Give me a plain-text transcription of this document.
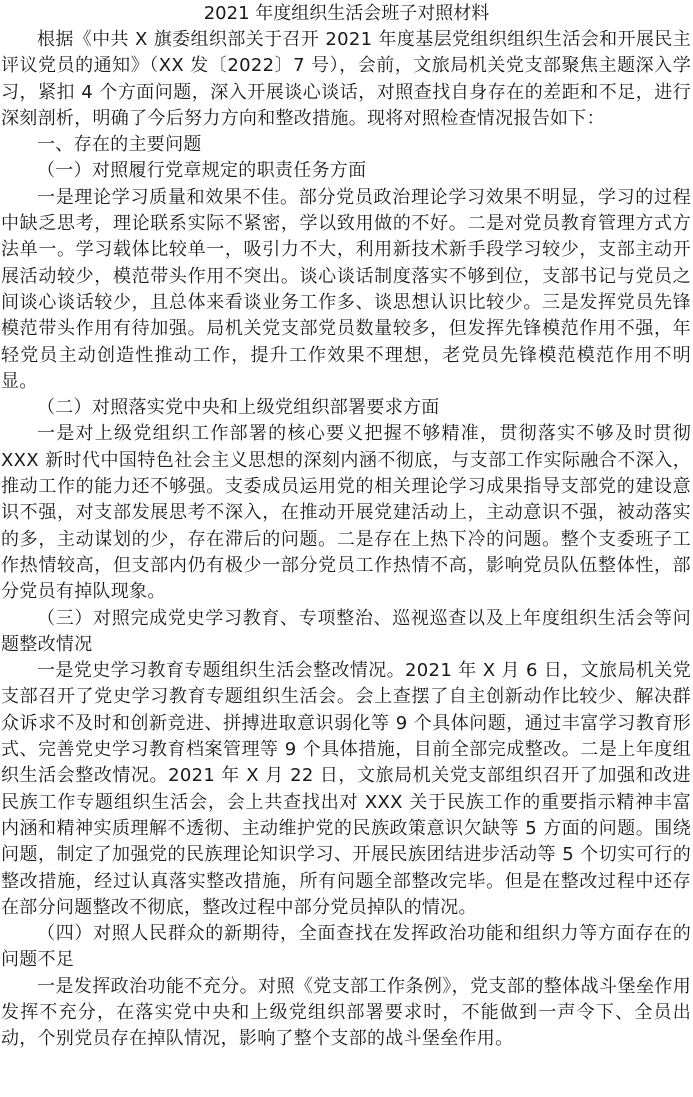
2021 年度组织生活会班子对照材料

根据《中共 X 旗委组织部关于召开 2021 年度基层党组织组织生活会和开展民主评议党员的通知》（XX 发〔2022〕7 号），会前，文旅局机关党支部聚焦主题深入学习，紧扣 4 个方面问题，深入开展谈心谈话，对照查找自身存在的差距和不足，进行深刻剖析，明确了今后努力方向和整改措施。现将对照检查情况报告如下：

一、存在的主要问题

（一）对照履行党章规定的职责任务方面

一是理论学习质量和效果不佳。部分党员政治理论学习效果不明显，学习的过程中缺乏思考，理论联系实际不紧密，学以致用做的不好。二是对党员教育管理方式方法单一。学习载体比较单一，吸引力不大，利用新技术新手段学习较少，支部主动开展活动较少，模范带头作用不突出。谈心谈话制度落实不够到位，支部书记与党员之间谈心谈话较少，且总体来看谈业务工作多、谈思想认识比较少。三是发挥党员先锋模范带头作用有待加强。局机关党支部党员数量较多，但发挥先锋模范作用不强，年轻党员主动创造性推动工作，提升工作效果不理想，老党员先锋模范模范作用不明显。

（二）对照落实党中央和上级党组织部署要求方面

一是对上级党组织工作部署的核心要义把握不够精准，贯彻落实不够及时贯彻 XXX 新时代中国特色社会主义思想的深刻内涵不彻底，与支部工作实际融合不深入，推动工作的能力还不够强。支委成员运用党的相关理论学习成果指导支部党的建设意识不强，对支部发展思考不深入，在推动开展党建活动上，主动意识不强，被动落实的多，主动谋划的少，存在滞后的问题。二是存在上热下冷的问题。整个支委班子工作热情较高，但支部内仍有极少一部分党员工作热情不高，影响党员队伍整体性，部分党员有掉队现象。

（三）对照完成党史学习教育、专项整治、巡视巡查以及上年度组织生活会等问题整改情况

一是党史学习教育专题组织生活会整改情况。2021 年 X 月 6 日，文旅局机关党支部召开了党史学习教育专题组织生活会。会上查摆了自主创新动作比较少、解决群众诉求不及时和创新竞进、拼搏进取意识弱化等 9 个具体问题，通过丰富学习教育形式、完善党史学习教育档案管理等 9 个具体措施，目前全部完成整改。二是上年度组织生活会整改情况。2021 年 X 月 22 日，文旅局机关党支部组织召开了加强和改进民族工作专题组织生活会，会上共查找出对 XXX 关于民族工作的重要指示精神丰富内涵和精神实质理解不透彻、主动维护党的民族政策意识欠缺等 5 方面的问题。围绕问题，制定了加强党的民族理论知识学习、开展民族团结进步活动等 5 个切实可行的整改措施，经过认真落实整改措施，所有问题全部整改完毕。但是在整改过程中还存在部分问题整改不彻底，整改过程中部分党员掉队的情况。

（四）对照人民群众的新期待，全面查找在发挥政治功能和组织力等方面存在的问题不足

一是发挥政治功能不充分。对照《党支部工作条例》，党支部的整体战斗堡垒作用发挥不充分，在落实党中央和上级党组织部署要求时，不能做到一声令下、全员出动，个别党员存在掉队情况，影响了整个支部的战斗堡垒作用。
